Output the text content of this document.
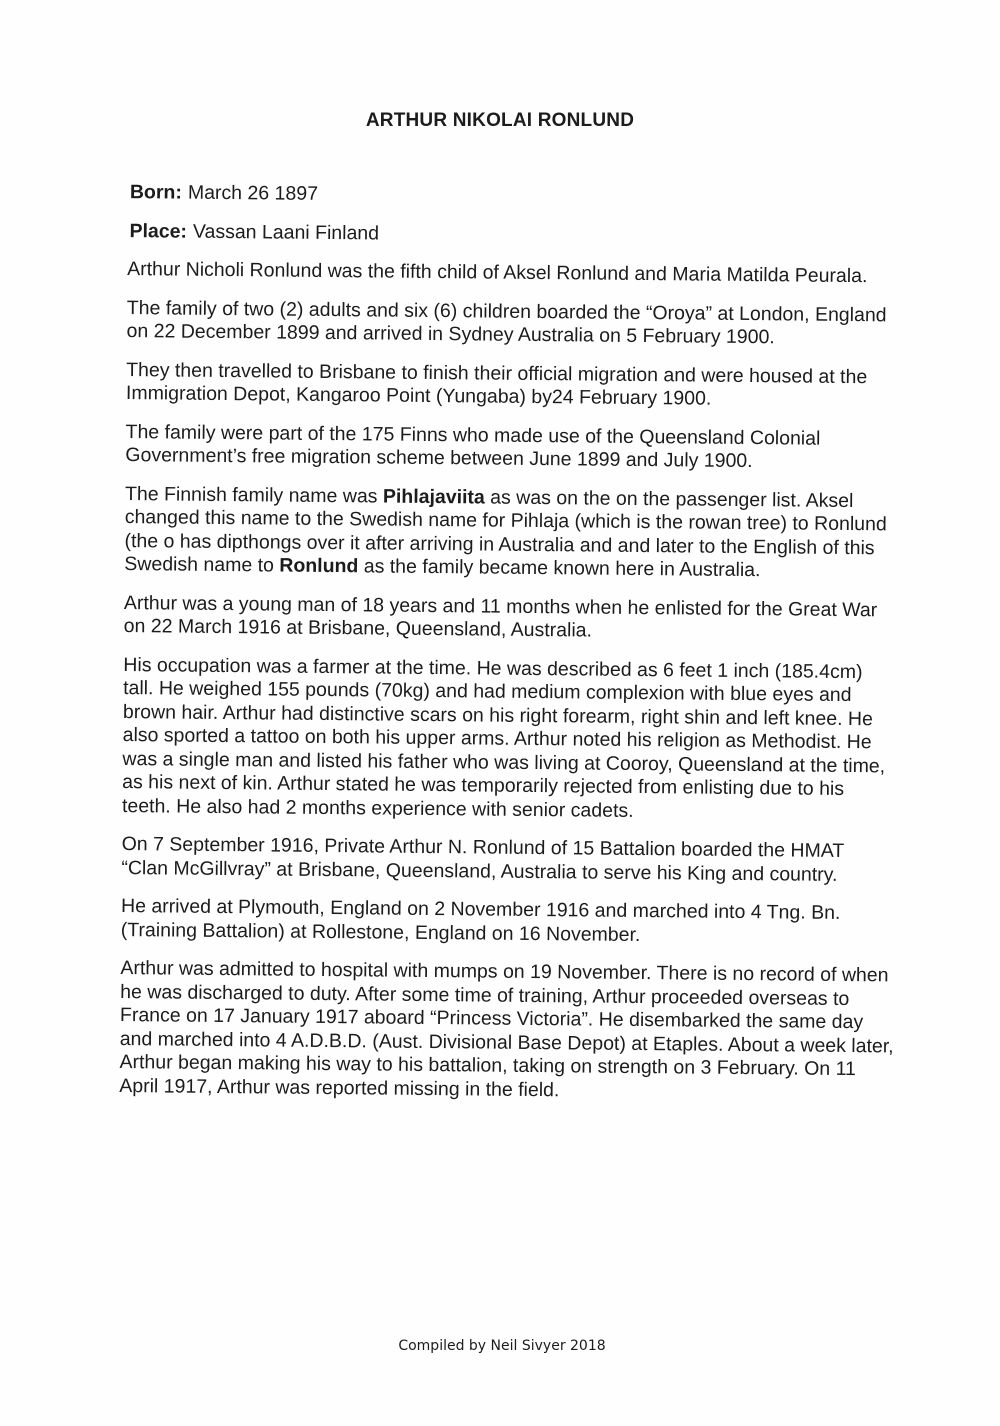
ARTHUR NIKOLAI RONLUND
Born: March 26 1897
Place: Vassan Laani Finland

Arthur Nicholi Ronlund was the fifth child of Aksel Ronlund and Maria Matilda Peurala.

The family of two (2) adults and six (6) children boarded the “Oroya” at London, England on 22 December 1899 and arrived in Sydney Australia on 5 February 1900.

They then travelled to Brisbane to finish their official migration and were housed at the Immigration Depot, Kangaroo Point (Yungaba) by24 February 1900.

The family were part of the 175 Finns who made use of the Queensland Colonial Government’s free migration scheme between June 1899 and July 1900.

The Finnish family name was Pihlajaviita as was on the on the passenger list. Aksel changed this name to the Swedish name for Pihlaja (which is the rowan tree) to Ronlund (the o has dipthongs over it after arriving in Australia and and later to the English of this Swedish name to Ronlund as the family became known here in Australia.

Arthur was a young man of 18 years and 11 months when he enlisted for the Great War on 22 March 1916 at Brisbane, Queensland, Australia.

His occupation was a farmer at the time. He was described as 6 feet 1 inch (185.4cm) tall. He weighed 155 pounds (70kg) and had medium complexion with blue eyes and brown hair. Arthur had distinctive scars on his right forearm, right shin and left knee. He also sported a tattoo on both his upper arms. Arthur noted his religion as Methodist. He was a single man and listed his father who was living at Cooroy, Queensland at the time, as his next of kin. Arthur stated he was temporarily rejected from enlisting due to his teeth. He also had 2 months experience with senior cadets.

On 7 September 1916, Private Arthur N. Ronlund of 15 Battalion boarded the HMAT “Clan McGillvray” at Brisbane, Queensland, Australia to serve his King and country.

He arrived at Plymouth, England on 2 November 1916 and marched into 4 Tng. Bn. (Training Battalion) at Rollestone, England on 16 November.

Arthur was admitted to hospital with mumps on 19 November. There is no record of when he was discharged to duty. After some time of training, Arthur proceeded overseas to France on 17 January 1917 aboard “Princess Victoria”. He disembarked the same day and marched into 4 A.D.B.D. (Aust. Divisional Base Depot) at Etaples. About a week later, Arthur began making his way to his battalion, taking on strength on 3 February. On 11 April 1917, Arthur was reported missing in the field.

Compiled by Neil Sivyer 2018
